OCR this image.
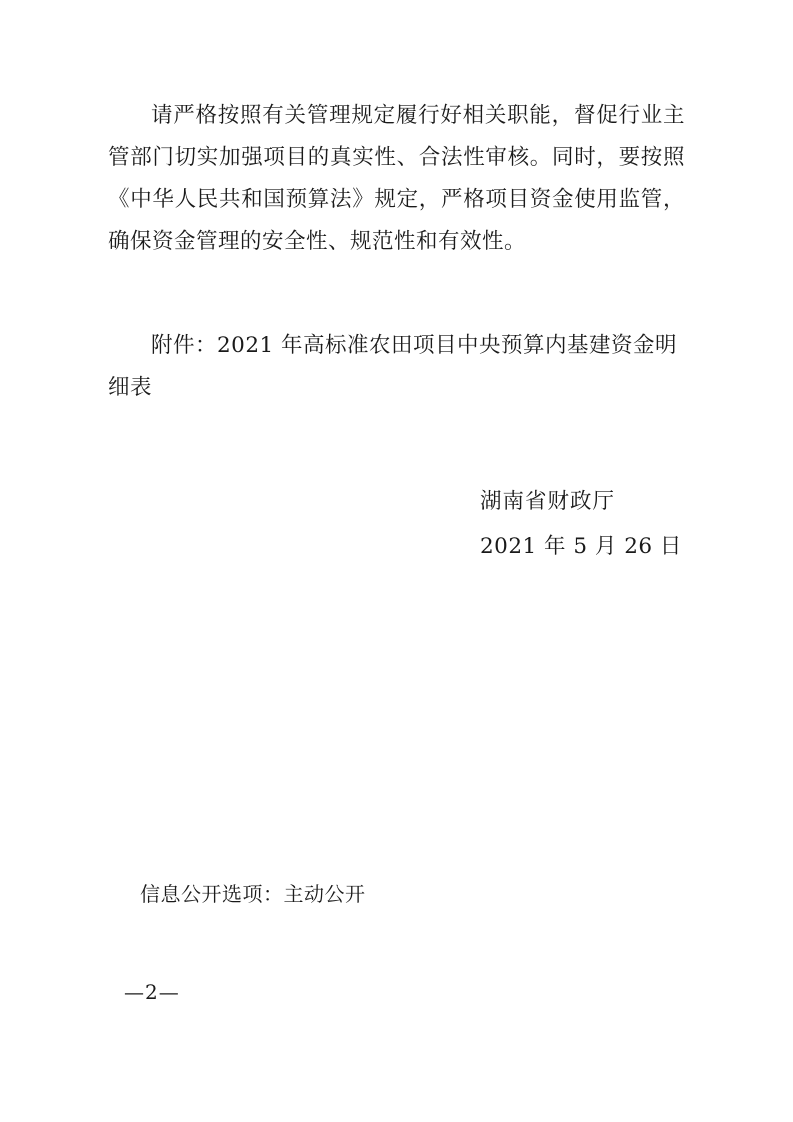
请严格按照有关管理规定履行好相关职能，督促行业主管部门切实加强项目的真实性、合法性审核。同时，要按照《中华人民共和国预算法》规定，严格项目资金使用监管，确保资金管理的安全性、规范性和有效性。

附件：2021 年高标准农田项目中央预算内基建资金明细表

湖南省财政厅

2021 年 5 月 26 日

信息公开选项：主动公开
—2—
